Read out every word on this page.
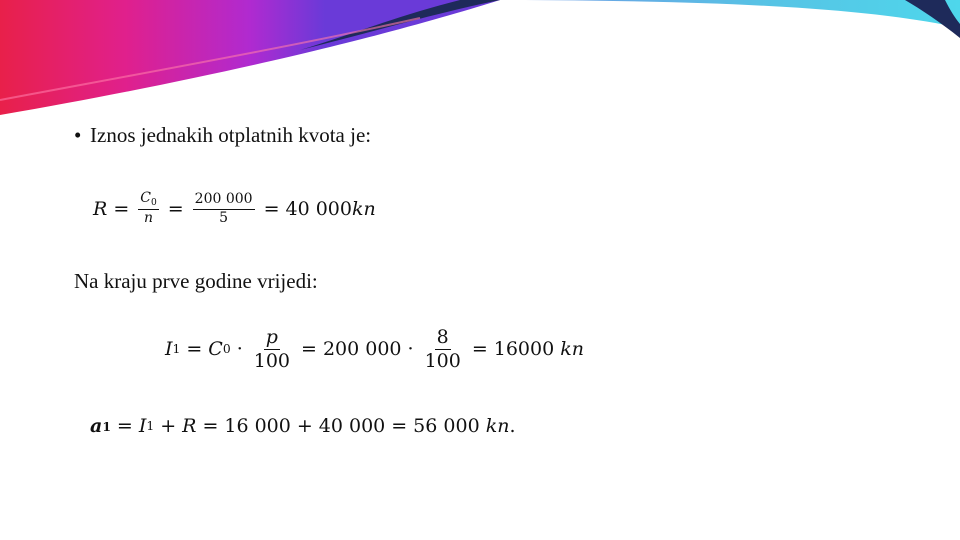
• Iznos jednakih otplatnih kvota je:
$R = \frac{C_0}{n} = \frac{200 000}{5} = 40$ 000 kn
Na kraju prve godine vrijedi:
I 1 = C $0 \cdot \frac{p}{100} = 200$ $000 \cdot \frac{8}{100} = 16000$
kn
a 1 = I 1 + R = 16 000 + 40 000 = 56 000
kn .
